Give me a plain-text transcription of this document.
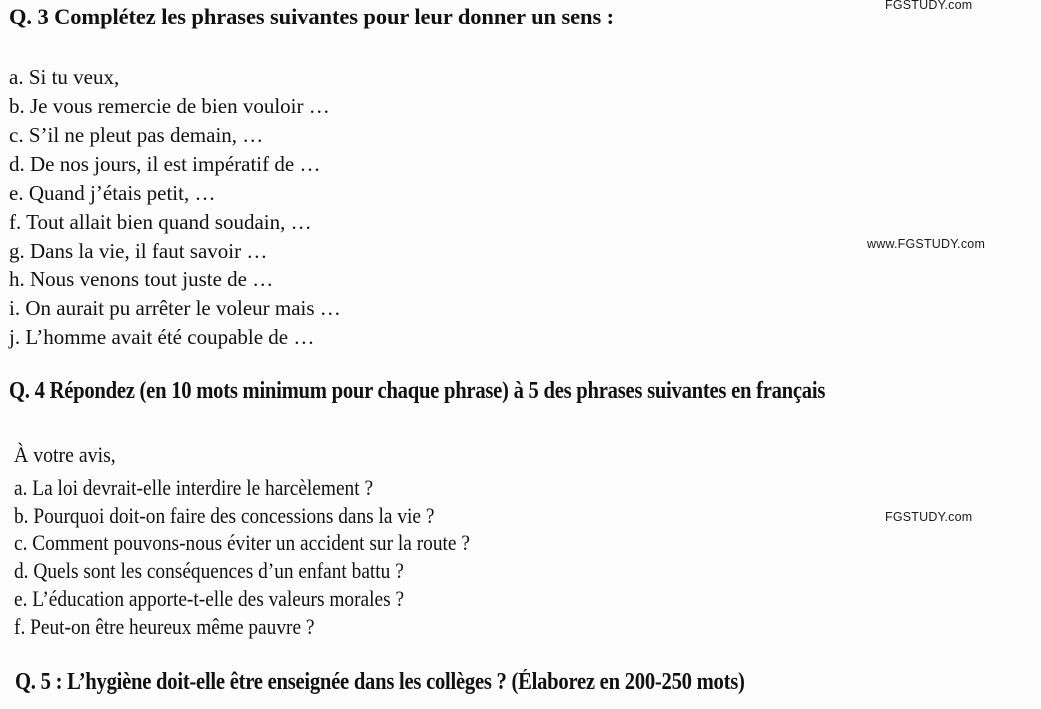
FGSTUDY.com
www.FGSTUDY.com
FGSTUDY.com
Q. 3 Complétez les phrases suivantes pour leur donner un sens :
a. Si tu veux,
b. Je vous remercie de bien vouloir …
c. S’il ne pleut pas demain, …
d. De nos jours, il est impératif de …
e. Quand j’étais petit, …
f. Tout allait bien quand soudain, …
g. Dans la vie, il faut savoir …
h. Nous venons tout juste de …
i. On aurait pu arrêter le voleur mais …
j. L’homme avait été coupable de …
Q. 4 Répondez (en 10 mots minimum pour chaque phrase) à 5 des phrases suivantes en français
À votre avis,
a. La loi devrait-elle interdire le harcèlement ?
b. Pourquoi doit-on faire des concessions dans la vie ?
c. Comment pouvons-nous éviter un accident sur la route ?
d. Quels sont les conséquences d’un enfant battu ?
e. L’éducation apporte-t-elle des valeurs morales ?
f. Peut-on être heureux même pauvre ?
Q. 5 : L’hygiène doit-elle être enseignée dans les collèges ? (Élaborez en 200-250 mots)
